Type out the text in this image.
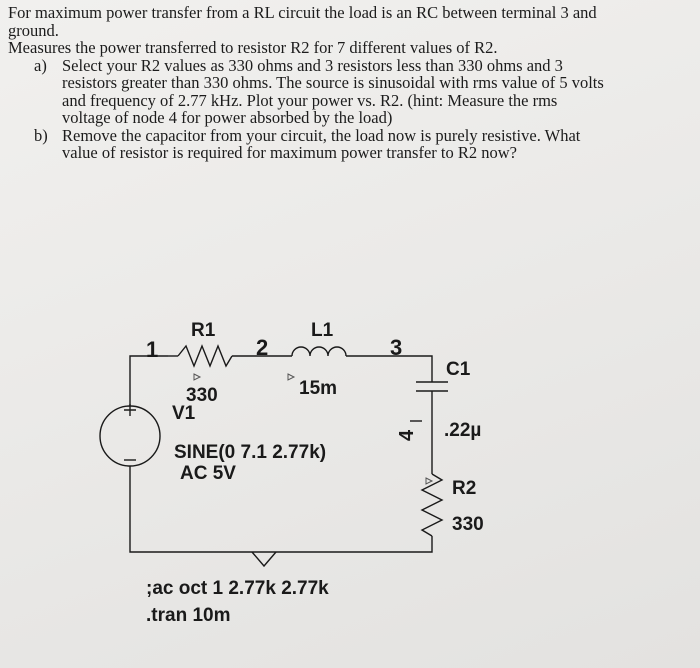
For maximum power transfer from a RL circuit the load is an RC between terminal 3 and

ground.

Measures the power transferred to resistor R2 for 7 different values of R2.

a) Select your R2 values as 330 ohms and 3 resistors less than 330 ohms and 3

resistors greater than 330 ohms. The source is sinusoidal with rms value of 5 volts

and frequency of 2.77 kHz. Plot your power vs. R2. (hint: Measure the rms

voltage of node 4 for power absorbed by the load)

b) Remove the capacitor from your circuit, the load now is purely resistive. What

value of resistor is required for maximum power transfer to R2 now?

R1
330
L1
15m
C1
.22µ
R2
330
V1
SINE(0 7.1 2.77k)
AC 5V
1	2	3
4
;ac oct 1 2.77k 2.77k
.tran 10m
